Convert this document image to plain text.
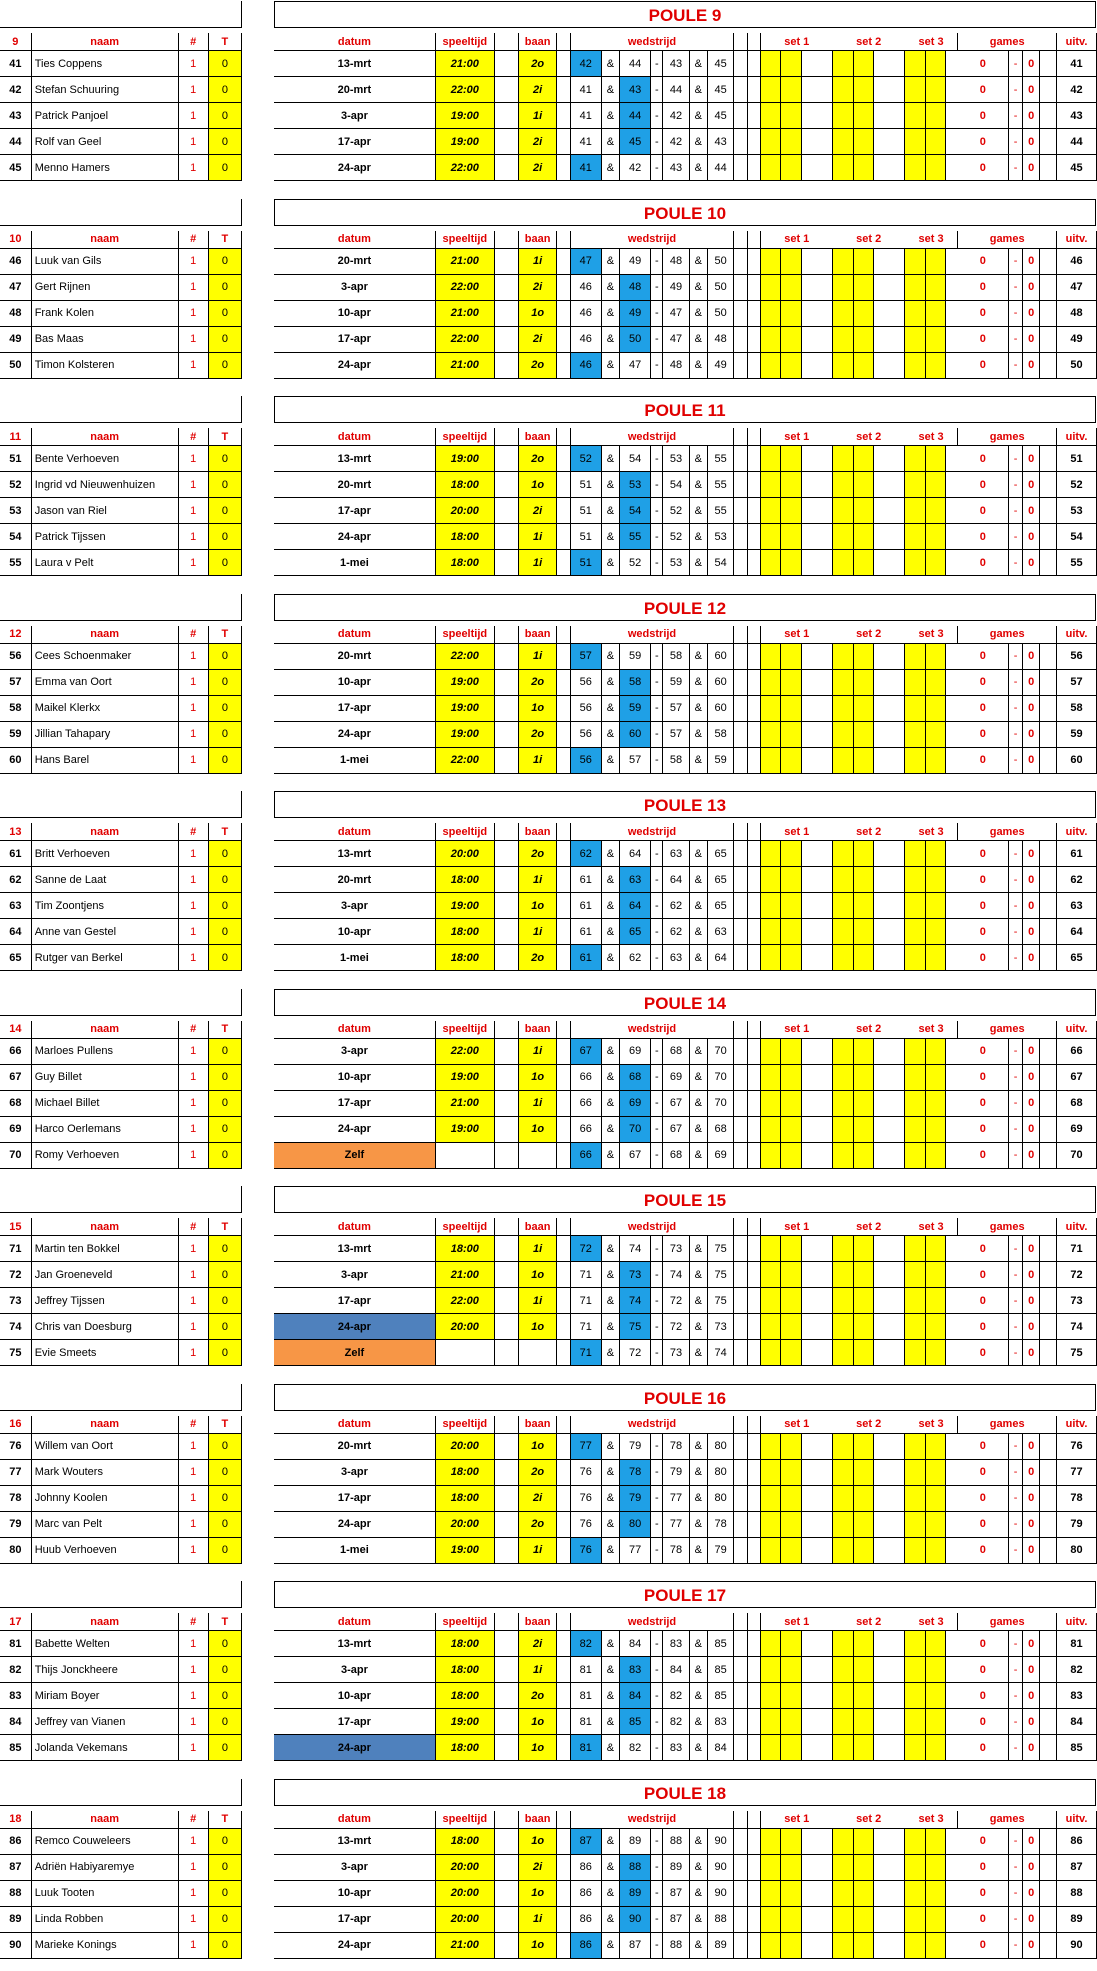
POULE 9
9	naam	#	T
41	Ties Coppens	1	0
42	Stefan Schuuring	1	0
43	Patrick Panjoel	1	0
44	Rolf van Geel	1	0
45	Menno Hamers	1	0
datum	speeltijd		baan		wedstrijd									set 1			set 2			set 3			games				uitv.
13-mrt	21:00		2o		42	&	44	-	43	&	45												0	-	0		41
20-mrt	22:00		2i		41	&	43	-	44	&	45												0	-	0		42
3-apr	19:00		1i		41	&	44	-	42	&	45												0	-	0		43
17-apr	19:00		2i		41	&	45	-	42	&	43												0	-	0		44
24-apr	22:00		2i		41	&	42	-	43	&	44												0	-	0		45
POULE 10
10	naam	#	T
46	Luuk van Gils	1	0
47	Gert Rijnen	1	0
48	Frank Kolen	1	0
49	Bas Maas	1	0
50	Timon Kolsteren	1	0
datum	speeltijd		baan		wedstrijd									set 1			set 2			set 3			games				uitv.
20-mrt	21:00		1i		47	&	49	-	48	&	50												0	-	0		46
3-apr	22:00		2i		46	&	48	-	49	&	50												0	-	0		47
10-apr	21:00		1o		46	&	49	-	47	&	50												0	-	0		48
17-apr	22:00		2i		46	&	50	-	47	&	48												0	-	0		49
24-apr	21:00		2o		46	&	47	-	48	&	49												0	-	0		50
POULE 11
11	naam	#	T
51	Bente Verhoeven	1	0
52	Ingrid vd Nieuwenhuizen	1	0
53	Jason van Riel	1	0
54	Patrick Tijssen	1	0
55	Laura v Pelt	1	0
datum	speeltijd		baan		wedstrijd									set 1			set 2			set 3			games				uitv.
13-mrt	19:00		2o		52	&	54	-	53	&	55												0	-	0		51
20-mrt	18:00		1o		51	&	53	-	54	&	55												0	-	0		52
17-apr	20:00		2i		51	&	54	-	52	&	55												0	-	0		53
24-apr	18:00		1i		51	&	55	-	52	&	53												0	-	0		54
1-mei	18:00		1i		51	&	52	-	53	&	54												0	-	0		55
POULE 12
12	naam	#	T
56	Cees Schoenmaker	1	0
57	Emma van Oort	1	0
58	Maikel Klerkx	1	0
59	Jillian Tahapary	1	0
60	Hans Barel	1	0
datum	speeltijd		baan		wedstrijd									set 1			set 2			set 3			games				uitv.
20-mrt	22:00		1i		57	&	59	-	58	&	60												0	-	0		56
10-apr	19:00		2o		56	&	58	-	59	&	60												0	-	0		57
17-apr	19:00		1o		56	&	59	-	57	&	60												0	-	0		58
24-apr	19:00		2o		56	&	60	-	57	&	58												0	-	0		59
1-mei	22:00		1i		56	&	57	-	58	&	59												0	-	0		60
POULE 13
13	naam	#	T
61	Britt Verhoeven	1	0
62	Sanne de Laat	1	0
63	Tim Zoontjens	1	0
64	Anne van Gestel	1	0
65	Rutger van Berkel	1	0
datum	speeltijd		baan		wedstrijd									set 1			set 2			set 3			games				uitv.
13-mrt	20:00		2o		62	&	64	-	63	&	65												0	-	0		61
20-mrt	18:00		1i		61	&	63	-	64	&	65												0	-	0		62
3-apr	19:00		1o		61	&	64	-	62	&	65												0	-	0		63
10-apr	18:00		1i		61	&	65	-	62	&	63												0	-	0		64
1-mei	18:00		2o		61	&	62	-	63	&	64												0	-	0		65
POULE 14
14	naam	#	T
66	Marloes Pullens	1	0
67	Guy Billet	1	0
68	Michael Billet	1	0
69	Harco Oerlemans	1	0
70	Romy Verhoeven	1	0
datum	speeltijd		baan		wedstrijd									set 1			set 2			set 3			games				uitv.
3-apr	22:00		1i		67	&	69	-	68	&	70												0	-	0		66
10-apr	19:00		1o		66	&	68	-	69	&	70												0	-	0		67
17-apr	21:00		1i		66	&	69	-	67	&	70												0	-	0		68
24-apr	19:00		1o		66	&	70	-	67	&	68												0	-	0		69
Zelf					66	&	67	-	68	&	69												0	-	0		70
POULE 15
15	naam	#	T
71	Martin ten Bokkel	1	0
72	Jan Groeneveld	1	0
73	Jeffrey Tijssen	1	0
74	Chris van Doesburg	1	0
75	Evie Smeets	1	0
datum	speeltijd		baan		wedstrijd									set 1			set 2			set 3			games				uitv.
13-mrt	18:00		1i		72	&	74	-	73	&	75												0	-	0		71
3-apr	21:00		1o		71	&	73	-	74	&	75												0	-	0		72
17-apr	22:00		1i		71	&	74	-	72	&	75												0	-	0		73
24-apr	20:00		1o		71	&	75	-	72	&	73												0	-	0		74
Zelf					71	&	72	-	73	&	74												0	-	0		75
POULE 16
16	naam	#	T
76	Willem van Oort	1	0
77	Mark Wouters	1	0
78	Johnny Koolen	1	0
79	Marc van Pelt	1	0
80	Huub Verhoeven	1	0
datum	speeltijd		baan		wedstrijd									set 1			set 2			set 3			games				uitv.
20-mrt	20:00		1o		77	&	79	-	78	&	80												0	-	0		76
3-apr	18:00		2o		76	&	78	-	79	&	80												0	-	0		77
17-apr	18:00		2i		76	&	79	-	77	&	80												0	-	0		78
24-apr	20:00		2o		76	&	80	-	77	&	78												0	-	0		79
1-mei	19:00		1i		76	&	77	-	78	&	79												0	-	0		80
POULE 17
17	naam	#	T
81	Babette Welten	1	0
82	Thijs Jonckheere	1	0
83	Miriam Boyer	1	0
84	Jeffrey van Vianen	1	0
85	Jolanda Vekemans	1	0
datum	speeltijd		baan		wedstrijd									set 1			set 2			set 3			games				uitv.
13-mrt	18:00		2i		82	&	84	-	83	&	85												0	-	0		81
3-apr	18:00		1i		81	&	83	-	84	&	85												0	-	0		82
10-apr	18:00		2o		81	&	84	-	82	&	85												0	-	0		83
17-apr	19:00		1o		81	&	85	-	82	&	83												0	-	0		84
24-apr	18:00		1o		81	&	82	-	83	&	84												0	-	0		85
POULE 18
18	naam	#	T
86	Remco Couweleers	1	0
87	Adriën Habiyaremye	1	0
88	Luuk Tooten	1	0
89	Linda Robben	1	0
90	Marieke Konings	1	0
datum	speeltijd		baan		wedstrijd									set 1			set 2			set 3			games				uitv.
13-mrt	18:00		1o		87	&	89	-	88	&	90												0	-	0		86
3-apr	20:00		2i		86	&	88	-	89	&	90												0	-	0		87
10-apr	20:00		1o		86	&	89	-	87	&	90												0	-	0		88
17-apr	20:00		1i		86	&	90	-	87	&	88												0	-	0		89
24-apr	21:00		1o		86	&	87	-	88	&	89												0	-	0		90
